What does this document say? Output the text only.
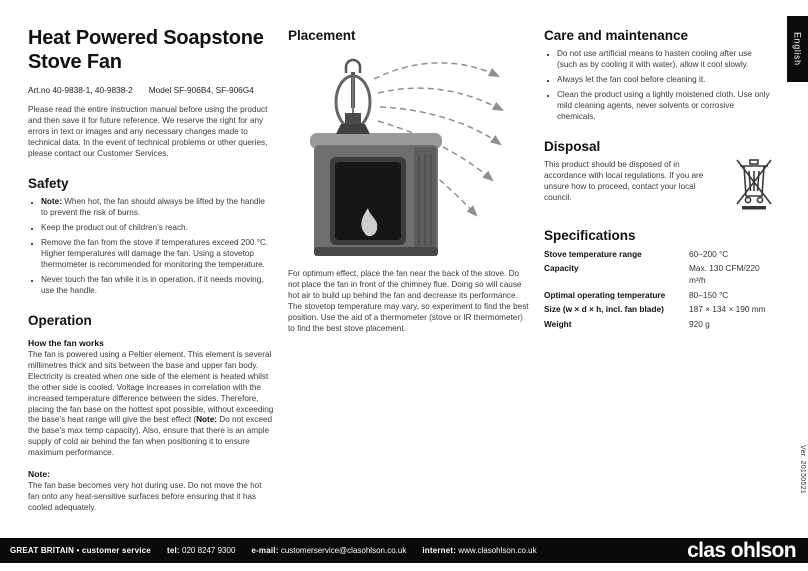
Heat Powered Soapstone Stove Fan
Art.no 40-9838-1, 40-9838-2 Model SF-906B4, SF-906G4

Please read the entire instruction manual before using the product and then save it for future reference. We reserve the right for any errors in text or images and any necessary changes made to technical data. In the event of technical problems or other queries, please contact our Customer Services.

Safety
• Note: When hot, the fan should always be lifted by the handle to prevent the risk of burns.
• Keep the product out of children’s reach.
• Remove the fan from the stove if temperatures exceed 200 °C. Higher temperatures will damage the fan. Using a stovetop thermometer is recommended for monitoring the temperature.
• Never touch the fan while it is in operation, if it needs moving, use the handle.
Operation
How the fan works

The fan is powered using a Peltier element. This element is several millimetres thick and sits between the base and upper fan body. Electricity is created when one side of the element is heated whilst the other side is cooled. Voltage increases in correlation with the increased temperature difference between the sides. Therefore, placing the fan base on the hottest spot possible, without exceeding the base’s heat range will give the best effect (Note: Do not exceed the base’s max temp capacity). Also, ensure that there is an ample supply of cold air behind the fan when positioning it to ensure maximum performance.

Note:

The fan base becomes very hot during use. Do not move the hot fan onto any heat-sensitive surfaces before ensuring that it has cooled adequately.

Placement

For optimum effect, place the fan near the back of the stove. Do not place the fan in front of the chimney flue. Doing so will cause hot air to build up behind the fan and decrease its performance. The stovetop temperature may vary, so experiment to find the best position. Use the aid of a thermometer (stove or IR thermometer) to find the best stove placement.

Care and maintenance
• Do not use artificial means to hasten cooling after use (such as by cooling it with water), allow it cool slowly.
• Always let the fan cool before cleaning it.
• Clean the product using a lightly moistened cloth. Use only mild cleaning agents, never solvents or corrosive chemicals.
Disposal

This product should be disposed of in accordance with local regulations. If you are unsure how to proceed, contact your local council.

Specifications
Stove temperature range	60–200 °C
Capacity	Max. 130 CFM/220 m³/h
Optimal operating temperature	80–150 °C
Size (w × d × h, incl. fan blade)	187 × 134 × 190 mm
Weight	920 g
English
Ver. 20150521
GREAT BRITAIN • customer service tel: 020 8247 9300 e-mail: customerservice@clasohlson.co.uk internet: www.clasohlson.co.uk	clas ohlson
